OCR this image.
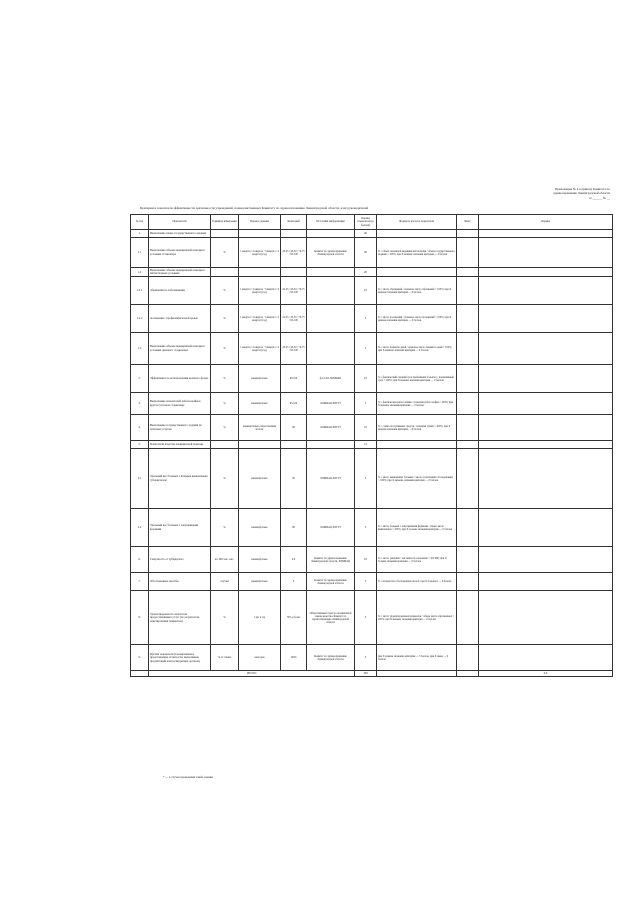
Приложение № 4 к приказу Комитета по
здравоохранению Ленинградской области
от ______ № __
Критерии и показатели эффективности деятельности учреждений, подведомственных Комитету по здравоохранению Ленинградской области, и их руководителей
№ п/п	Показатели	Единица измерения	Период оценки	Критерий	Источник информации	Оценка показателя (в баллах)	Формула расчета показателя	Факт	Оценка
1.	Выполнение плана государственного задания					40			
1.1	Выполнение объема медицинской помощи в условиях стационара	%	1 квартал / 2 квартал / 3 квартал / 4 квартал (год)	20-25 / 45-50 / 70-75 / 95-100	Комитет по здравоохранению Ленинградской области	20	X = объем оказанной медицинской помощи / объем государственного задания × 100%; при X меньше значения критерия — 0 баллов		
1.2	Выполнение объема медицинской помощи в амбулаторных условиях					20			
1.2.1	обращения по заболеваниям	%	1 квартал / 2 квартал / 3 квартал / 4 квартал (год)	22-25 / 45-50 / 70-75 / 95-100		10	X = число обращений / плановое число обращений × 100%; при X меньше значения критерия — 0 баллов		
1.2.2	посещения с профилактической целью	%	1 квартал / 2 квартал / 3 квартал / 4 квартал (год)	22-25 / 45-50 / 70-75 / 95-100		5	X = число посещений / плановое число посещений × 100%; при X меньше значения критерия — 0 баллов		
1.3	Выполнение объема медицинской помощи в условиях дневного стационара	%	1 квартал / 2 квартал / 3 квартал / 4 квартал (год)	20-25 / 45-50 / 70-75 / 95-100		5	X = число пациенто-дней / плановое число пациенто-дней × 100%; при X меньше значения критерия — 0 баллов		
2.	Эффективность использования коечного фонда	%	ежеквартально	90-100	ф.14 ЛО ЛОМИАЦ	10	X = фактический средний срок пребывания больного / нормативный срок × 100%; при X меньше значения критерия — 0 баллов		
3.	Выполнение показателей работы койки в круглосуточном стационаре	%	ежеквартально	95-100	ЛОМИАЦ ЛОГУЗ	5	X = фактическая работа койки / плановая работа койки × 100%; при X меньше значения критерия — 0 баллов		
4.	Выполнение государственного задания по платным услугам	%	ежеквартально, нарастающим итогом	90	ЛОМИАЦ ЛОГУЗ	10	X = сумма поступивших средств / плановая сумма × 100%; при X меньше значения критерия — 0 баллов		
5.	Показатели качества медицинской помощи					15			
5.1	Удельный вес больных с впервые выявленным туберкулезом	%	ежеквартально	95	ЛОМИАЦ ЛОГУЗ	5	X = число выявленных больных / число подлежащих обследованию × 100%; при X меньше значения критерия — 0 баллов		
5.2	Удельный вес больных с запущенными формами	%	ежеквартально	90	ЛОМИАЦ ЛОГУЗ	5	X = число больных с запущенными формами / общее число выявленных × 100%; при X больше значения критерия — 0 баллов		
6.	Смертность от туберкулеза	на 100 тыс. нас.	ежеквартально	4,9	Комитет по здравоохранению Ленинградской области, ЛОМИАЦ	10	X = число умерших / численность населения × 100 000; при X больше значения критерия — 0 баллов		
7.	Обоснованные жалобы	случаи	ежеквартально	0	Комитет по здравоохранению Ленинградской области	5	X = количество обоснованных жалоб; при X больше 0 — 0 баллов		
8.	Удовлетворенность качеством предоставляемых услуг (по результатам анкетирования пациентов)	%	1 раз в год	70% и более	Общественный совет по независимой оценке качества, Комитет по здравоохранению Ленинградской области	5	X = число удовлетворенных пациентов / общее число опрошенных × 100%; при X меньше значения критерия — 0 баллов		
9.	Прочие показатели (Своевременное представление отчетности, выполнение предписаний контролирующих органов)	% от плана	ежегодно	100%	Комитет по здравоохранению Ленинградской области	5	при X равном значению критерия — 5 баллов, при X ниже — 0 баллов		
	ИТОГО					100			0,0
* — в случае проведения такой оценки
